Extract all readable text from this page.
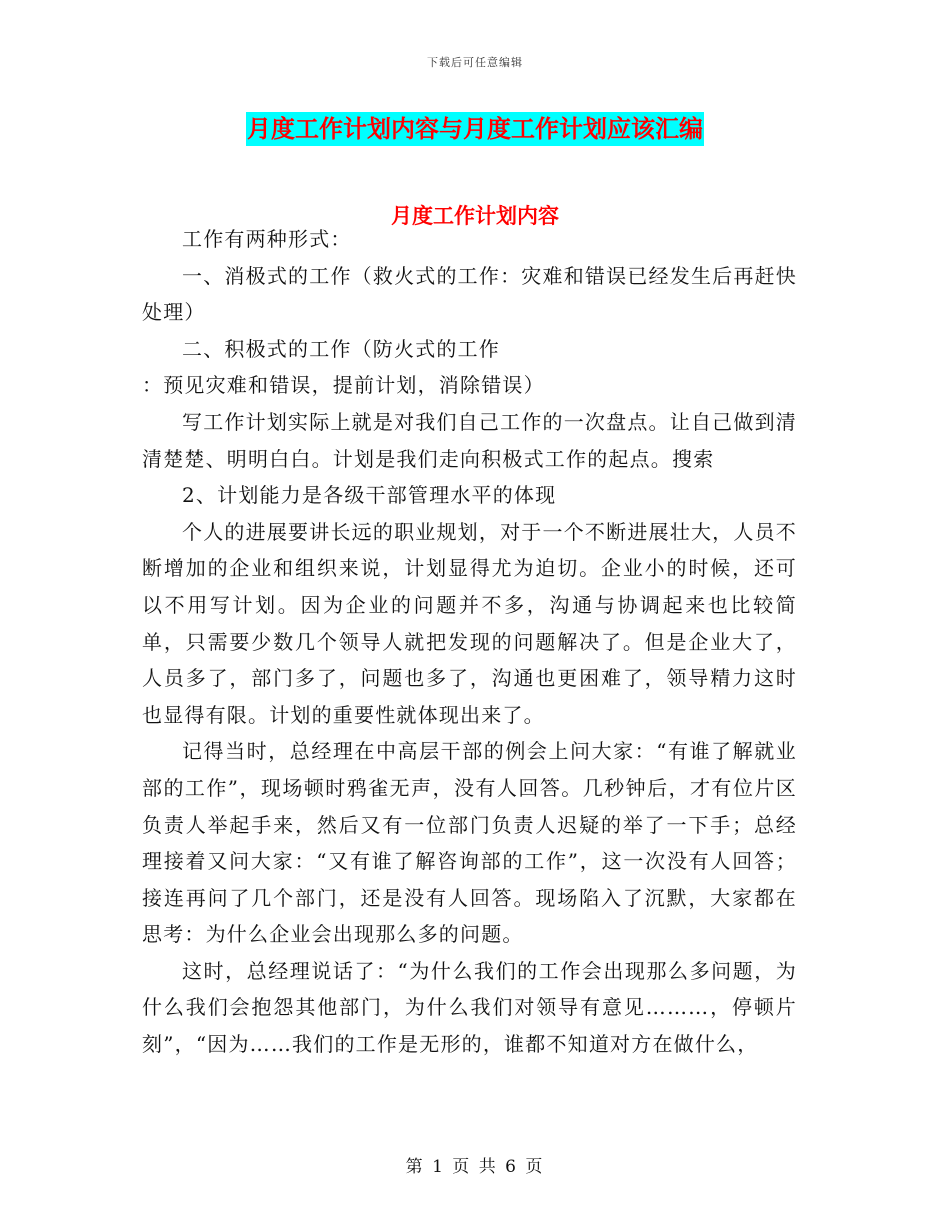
下载后可任意编辑
月度工作计划内容与月度工作计划应该汇编
月度工作计划内容

工作有两种形式：

一、消极式的工作（救火式的工作：灾难和错误已经发生后再赶快处理）

二、积极式的工作（防火式的工作

：预见灾难和错误，提前计划，消除错误）

写工作计划实际上就是对我们自己工作的一次盘点。让自己做到清清楚楚、明明白白。计划是我们走向积极式工作的起点。搜索

2、计划能力是各级干部管理水平的体现

个人的进展要讲长远的职业规划，对于一个不断进展壮大，人员不断增加的企业和组织来说，计划显得尤为迫切。企业小的时候，还可以不用写计划。因为企业的问题并不多，沟通与协调起来也比较简单，只需要少数几个领导人就把发现的问题解决了。但是企业大了，人员多了，部门多了，问题也多了，沟通也更困难了，领导精力这时也显得有限。计划的重要性就体现出来了。

记得当时，总经理在中高层干部的例会上问大家：“有谁了解就业部的工作”，现场顿时鸦雀无声，没有人回答。几秒钟后，才有位片区负责人举起手来，然后又有一位部门负责人迟疑的举了一下手；总经理接着又问大家：“又有谁了解咨询部的工作”，这一次没有人回答；接连再问了几个部门，还是没有人回答。现场陷入了沉默，大家都在思考：为什么企业会出现那么多的问题。

这时，总经理说话了：“为什么我们的工作会出现那么多问题，为什么我们会抱怨其他部门，为什么我们对领导有意见………，停顿片刻”，“因为……我们的工作是无形的，谁都不知道对方在做什么，

第 1 页 共 6 页
